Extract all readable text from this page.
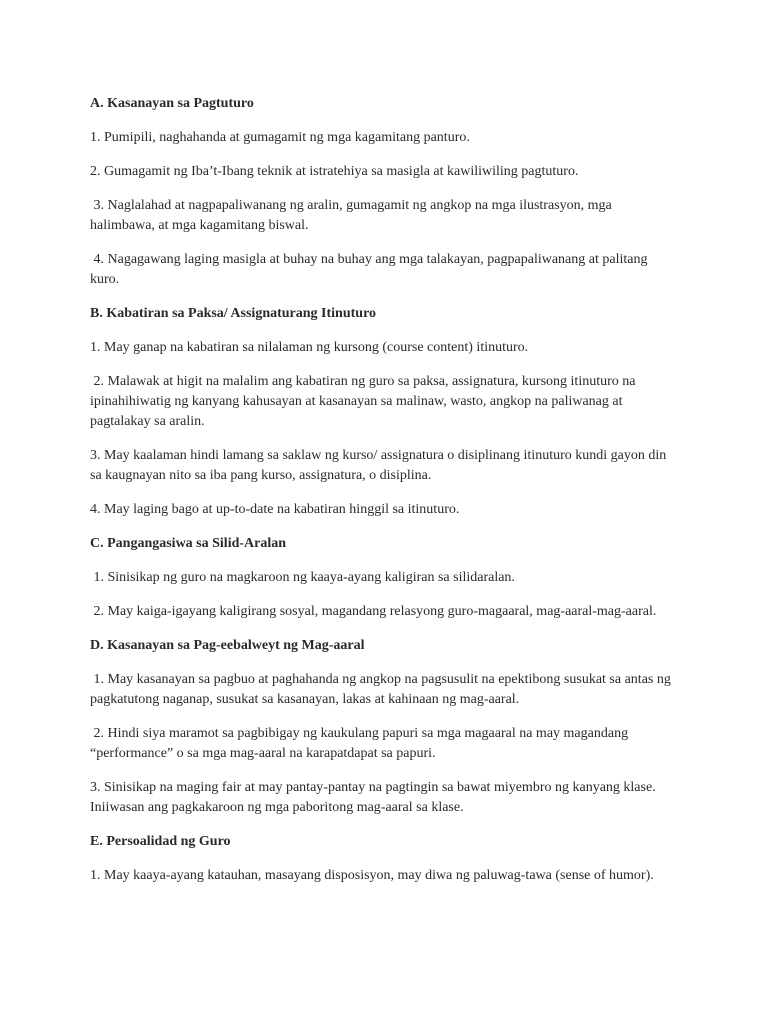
A. Kasanayan sa Pagtuturo

1. Pumipili, naghahanda at gumagamit ng mga kagamitang panturo.

2. Gumagamit ng Iba’t-Ibang teknik at istratehiya sa masigla at kawiliwiling pagtuturo.

3. Naglalahad at nagpapaliwanang ng aralin, gumagamit ng angkop na mga ilustrasyon, mga halimbawa, at mga kagamitang biswal.

4. Nagagawang laging masigla at buhay na buhay ang mga talakayan, pagpapaliwanang at palitang kuro.

B. Kabatiran sa Paksa/ Assignaturang Itinuturo

1. May ganap na kabatiran sa nilalaman ng kursong (course content) itinuturo.

2. Malawak at higit na malalim ang kabatiran ng guro sa paksa, assignatura, kursong itinuturo na ipinahihiwatig ng kanyang kahusayan at kasanayan sa malinaw, wasto, angkop na paliwanag at pagtalakay sa aralin.

3. May kaalaman hindi lamang sa saklaw ng kurso/ assignatura o disiplinang itinuturo kundi gayon din sa kaugnayan nito sa iba pang kurso, assignatura, o disiplina.

4. May laging bago at up-to-date na kabatiran hinggil sa itinuturo.

C. Pangangasiwa sa Silid-Aralan

1. Sinisikap ng guro na magkaroon ng kaaya-ayang kaligiran sa silidaralan.

2. May kaiga-igayang kaligirang sosyal, magandang relasyong guro-magaaral, mag-aaral-mag-aaral.

D. Kasanayan sa Pag-eebalweyt ng Mag-aaral

1. May kasanayan sa pagbuo at paghahanda ng angkop na pagsusulit na epektibong susukat sa antas ng pagkatutong naganap, susukat sa kasanayan, lakas at kahinaan ng mag-aaral.

2. Hindi siya maramot sa pagbibigay ng kaukulang papuri sa mga magaaral na may magandang “performance” o sa mga mag-aaral na karapatdapat sa papuri.

3. Sinisikap na maging fair at may pantay-pantay na pagtingin sa bawat miyembro ng kanyang klase. Iniiwasan ang pagkakaroon ng mga paboritong mag-aaral sa klase.

E. Persoalidad ng Guro

1. May kaaya-ayang katauhan, masayang disposisyon, may diwa ng paluwag-tawa (sense of humor).
